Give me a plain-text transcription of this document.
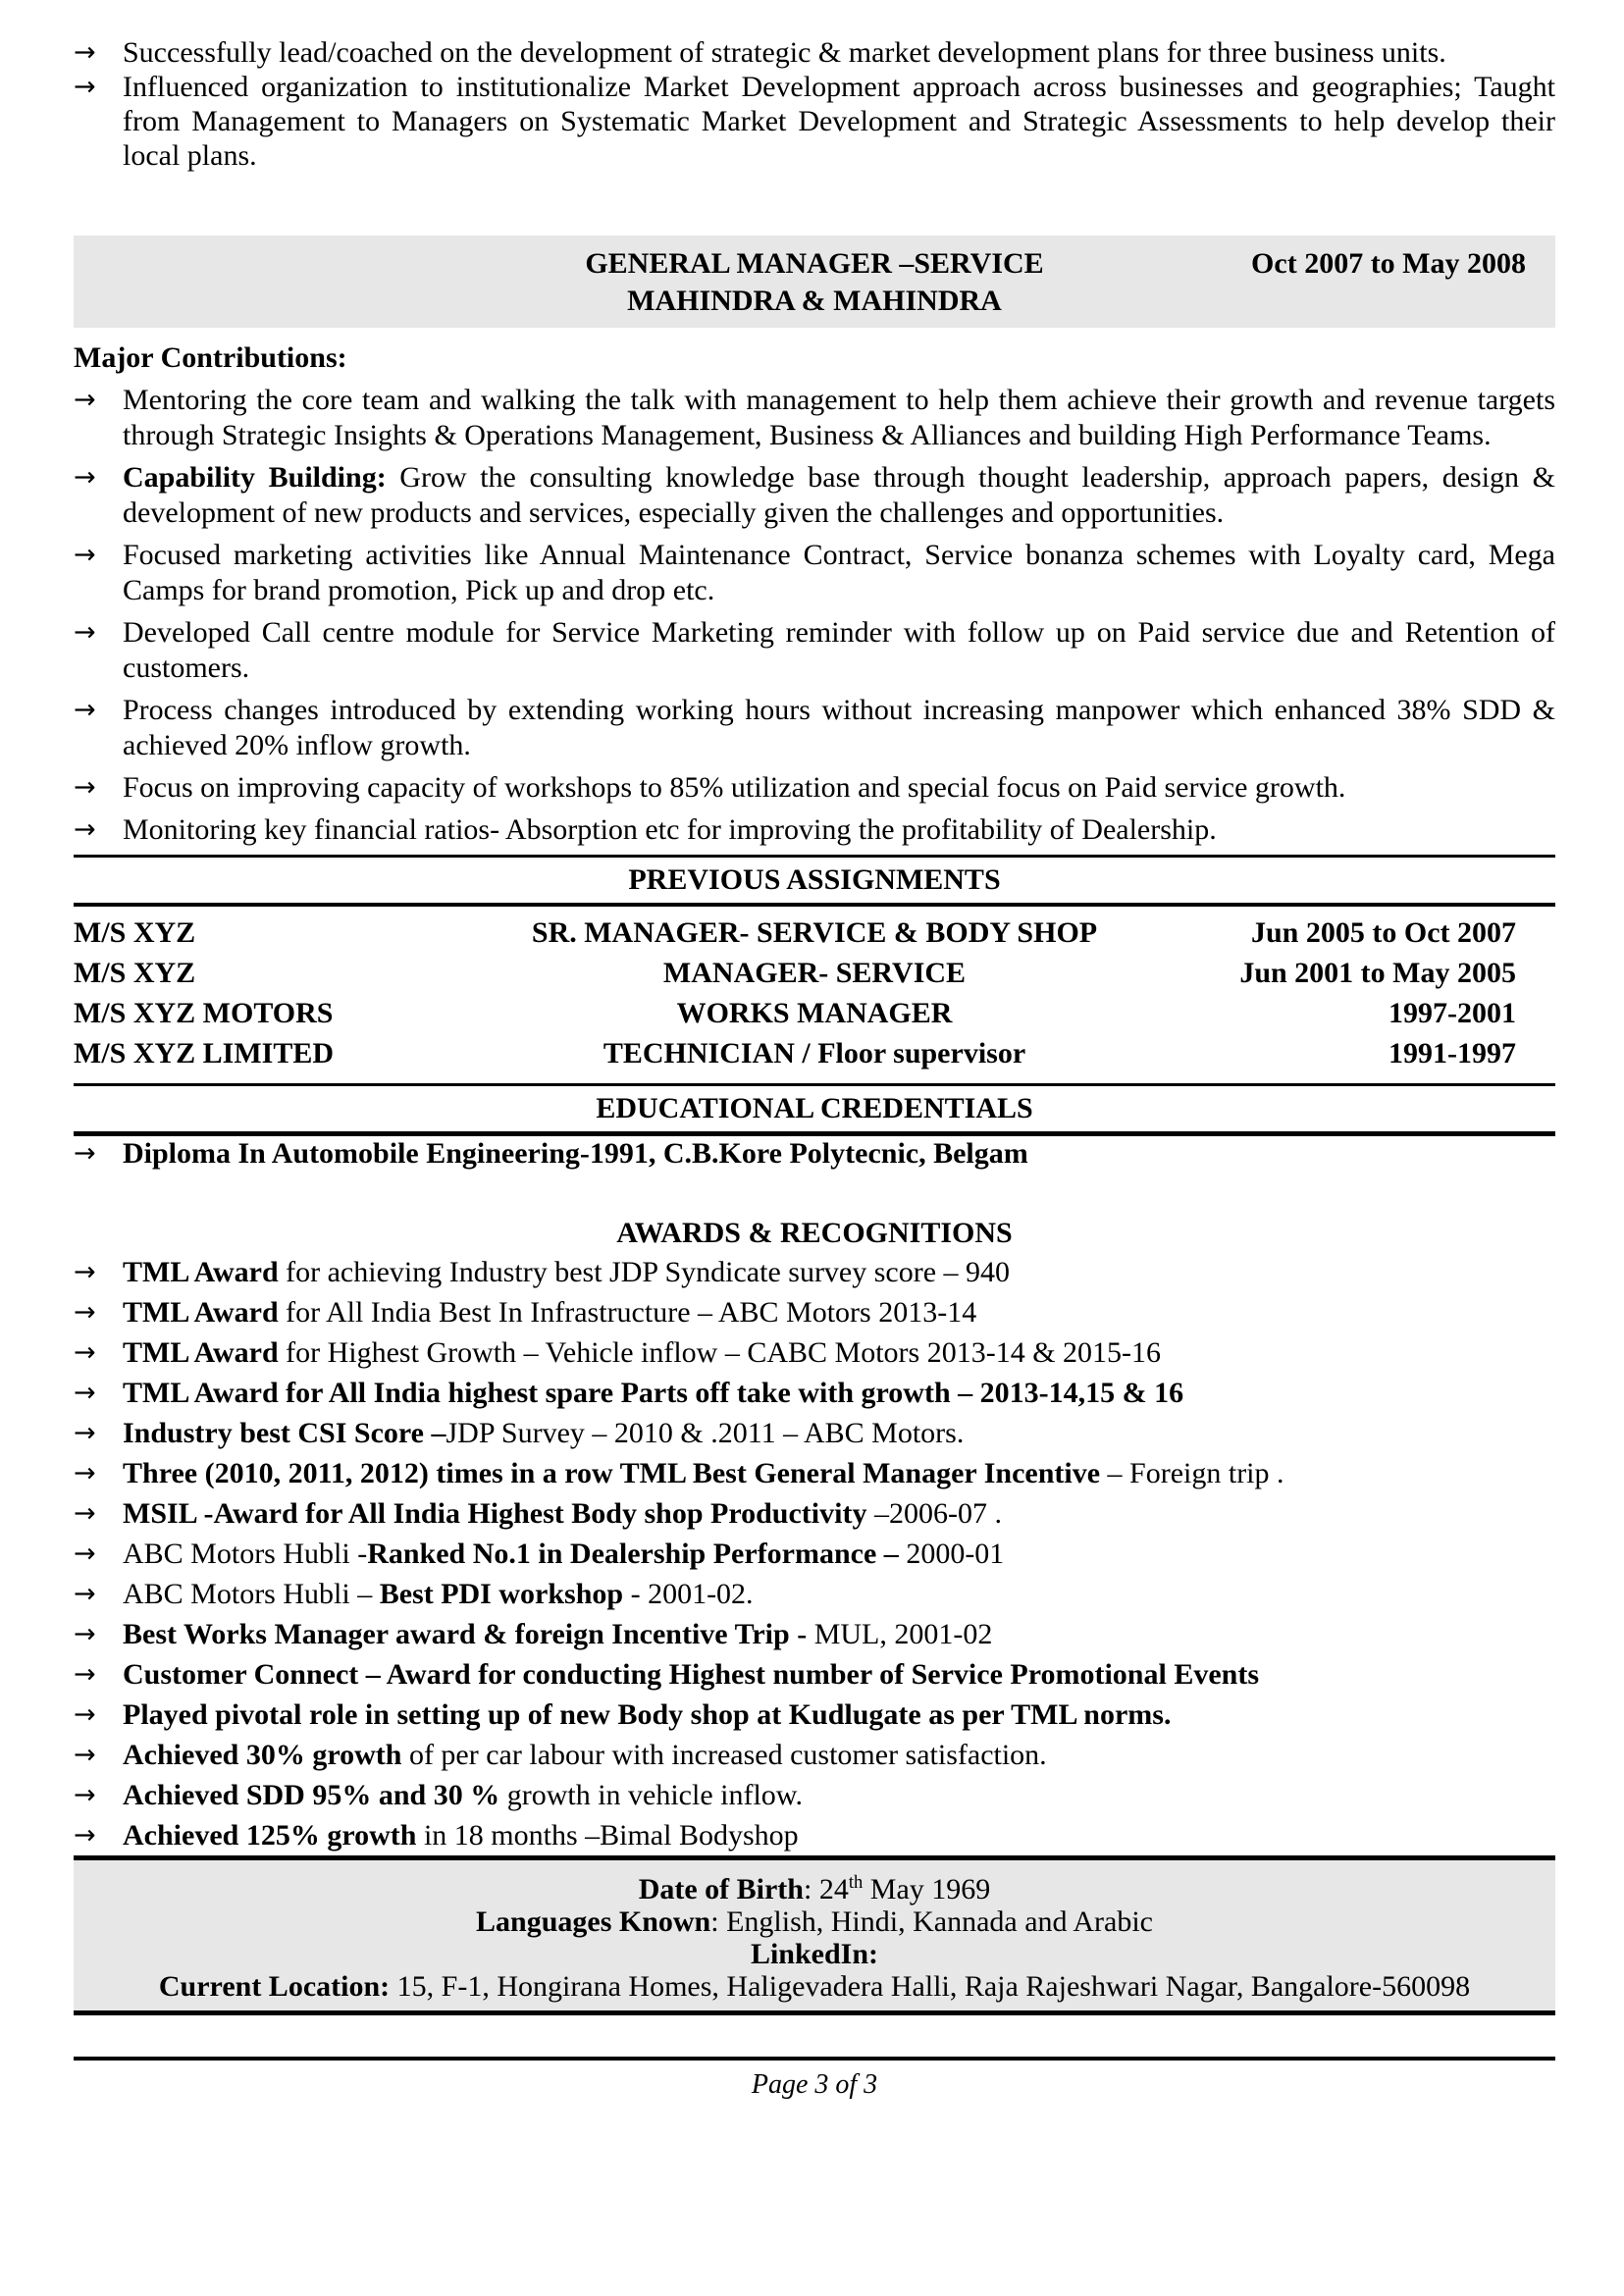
→ Successfully lead/coached on the development of strategic & market development plans for three business units.
→ Influenced organization to institutionalize Market Development approach across businesses and geographies; Taught from Management to Managers on Systematic Market Development and Strategic Assessments to help develop their local plans.
GENERAL MANAGER –SERVICE	Oct 2007 to May 2008
MAHINDRA & MAHINDRA
Major Contributions:
→ Mentoring the core team and walking the talk with management to help them achieve their growth and revenue targets through Strategic Insights & Operations Management, Business & Alliances and building High Performance Teams.
→ Capability Building: Grow the consulting knowledge base through thought leadership, approach papers, design & development of new products and services, especially given the challenges and opportunities.
→ Focused marketing activities like Annual Maintenance Contract, Service bonanza schemes with Loyalty card, Mega Camps for brand promotion, Pick up and drop etc.
→ Developed Call centre module for Service Marketing reminder with follow up on Paid service due and Retention of customers.
→ Process changes introduced by extending working hours without increasing manpower which enhanced 38% SDD & achieved 20% inflow growth.
→ Focus on improving capacity of workshops to 85% utilization and special focus on Paid service growth.
→ Monitoring key financial ratios- Absorption etc for improving the profitability of Dealership.
PREVIOUS ASSIGNMENTS
M/S XYZ	SR. MANAGER- SERVICE & BODY SHOP	Jun 2005 to Oct 2007
M/S XYZ	MANAGER- SERVICE	Jun 2001 to May 2005
M/S XYZ MOTORS	WORKS MANAGER	1997-2001
M/S XYZ LIMITED	TECHNICIAN / Floor supervisor	1991-1997
EDUCATIONAL CREDENTIALS
→ Diploma In Automobile Engineering-1991, C.B.Kore Polytecnic, Belgam
AWARDS & RECOGNITIONS
→ TML Award for achieving Industry best JDP Syndicate survey score – 940
→ TML Award for All India Best In Infrastructure – ABC Motors 2013-14
→ TML Award for Highest Growth – Vehicle inflow – CABC Motors 2013-14 & 2015-16
→ TML Award for All India highest spare Parts off take with growth – 2013-14,15 & 16
→ Industry best CSI Score –JDP Survey – 2010 & .2011 – ABC Motors.
→ Three (2010, 2011, 2012) times in a row TML Best General Manager Incentive – Foreign trip .
→ MSIL -Award for All India Highest Body shop Productivity –2006-07 .
→ ABC Motors Hubli -Ranked No.1 in Dealership Performance – 2000-01
→ ABC Motors Hubli – Best PDI workshop - 2001-02.
→ Best Works Manager award & foreign Incentive Trip - MUL, 2001-02
→ Customer Connect – Award for conducting Highest number of Service Promotional Events
→ Played pivotal role in setting up of new Body shop at Kudlugate as per TML norms.
→ Achieved 30% growth of per car labour with increased customer satisfaction.
→ Achieved SDD 95% and 30 % growth in vehicle inflow.
→ Achieved 125% growth in 18 months –Bimal Bodyshop
Date of Birth: 24th May 1969
Languages Known: English, Hindi, Kannada and Arabic
LinkedIn:
Current Location: 15, F-1, Hongirana Homes, Haligevadera Halli, Raja Rajeshwari Nagar, Bangalore-560098
Page 3 of 3
